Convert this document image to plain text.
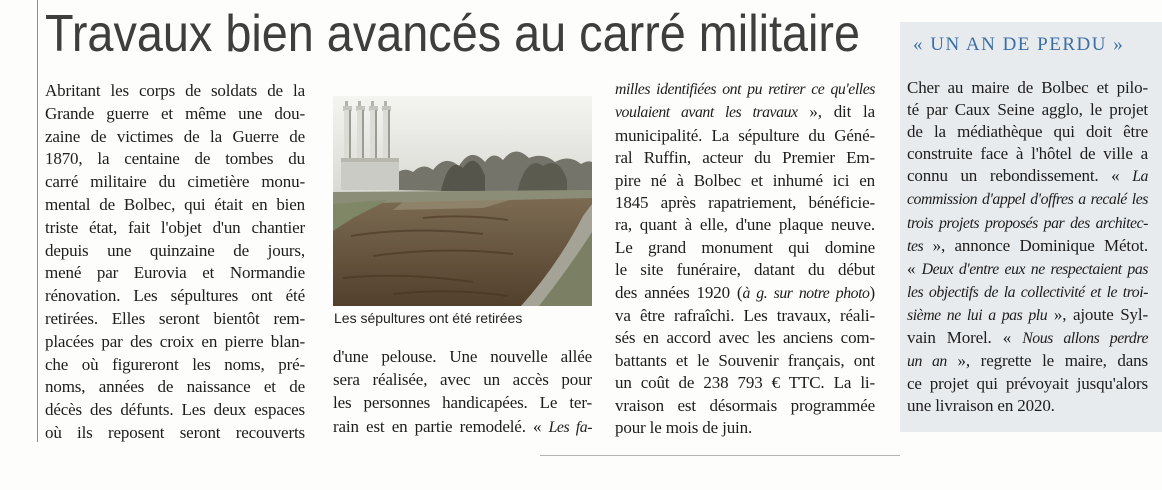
Travaux bien avancés au carré militaire
Abritant les corps de soldats de la
Grande guerre et même une dou-
zaine de victimes de la Guerre de
1870, la centaine de tombes du
carré militaire du cimetière monu-
mental de Bolbec, qui était en bien
triste état, fait l'objet d'un chantier
depuis une quinzaine de jours,
mené par Eurovia et Normandie
rénovation. Les sépultures ont été
retirées. Elles seront bientôt rem-
placées par des croix en pierre blan-
che où figureront les noms, pré-
noms, années de naissance et de
décès des défunts. Les deux espaces
où ils reposent seront recouverts
Les sépultures ont été retirées
d'une pelouse. Une nouvelle allée
sera réalisée, avec un accès pour
les personnes handicapées. Le ter-
rain est en partie remodelé. « Les fa-
milles identifiées ont pu retirer ce qu'elles
voulaient avant les travaux », dit la
municipalité. La sépulture du Géné-
ral Ruffin, acteur du Premier Em-
pire né à Bolbec et inhumé ici en
1845 après rapatriement, bénéficie-
ra, quant à elle, d'une plaque neuve.
Le grand monument qui domine
le site funéraire, datant du début
des années 1920 (à g. sur notre photo)
va être rafraîchi. Les travaux, réali-
sés en accord avec les anciens com-
battants et le Souvenir français, ont
un coût de 238 793 € TTC. La li-
vraison est désormais programmée
pour le mois de juin.
« UN AN DE PERDU »
Cher au maire de Bolbec et pilo-
té par Caux Seine agglo, le projet
de la médiathèque qui doit être
construite face à l'hôtel de ville a
connu un rebondissement. « La
commission d'appel d'offres a recalé les
trois projets proposés par des architec-
tes », annonce Dominique Métot.
« Deux d'entre eux ne respectaient pas
les objectifs de la collectivité et le troi-
sième ne lui a pas plu », ajoute Syl-
vain Morel. « Nous allons perdre
un an », regrette le maire, dans
ce projet qui prévoyait jusqu'alors
une livraison en 2020.
